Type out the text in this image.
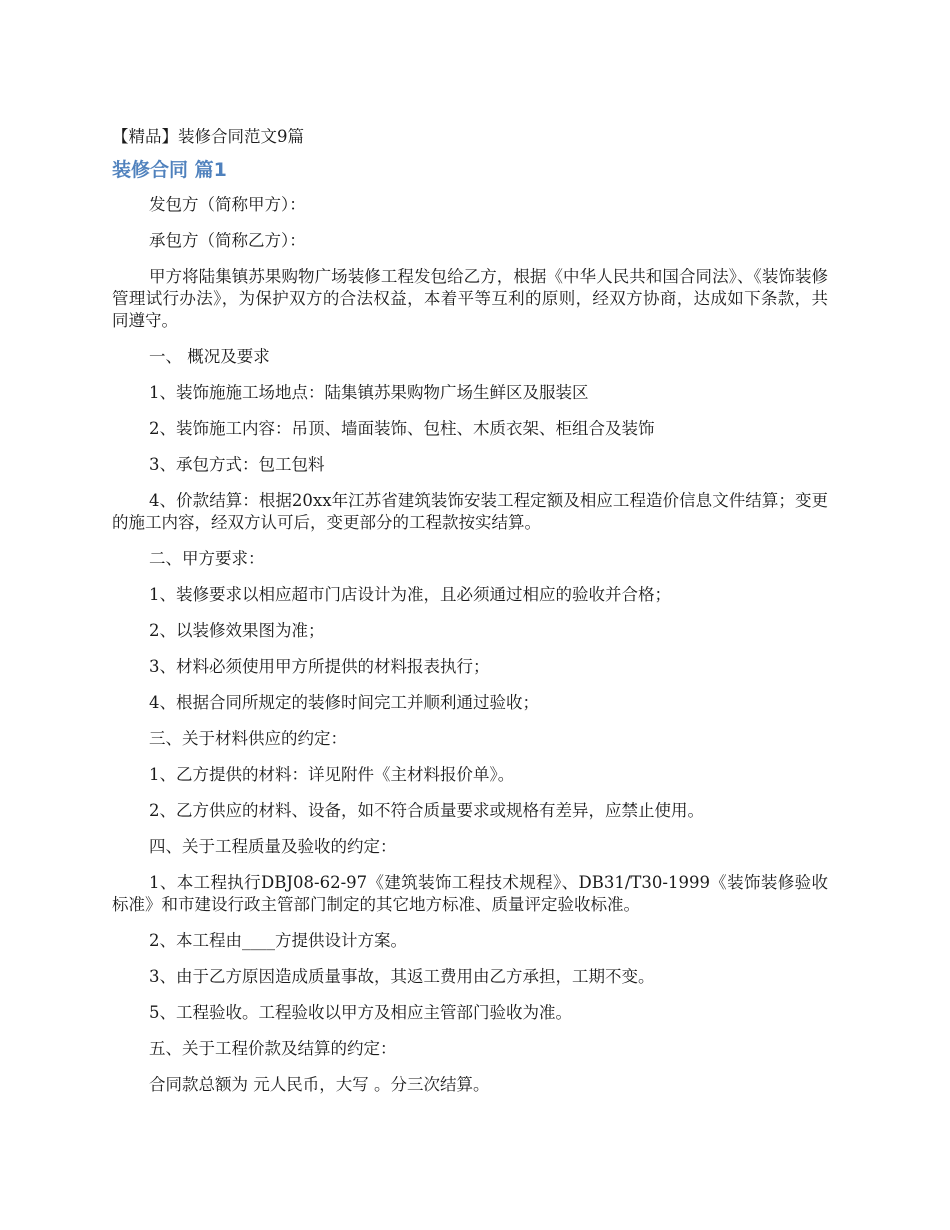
【精品】装修合同范文9篇
装修合同 篇1

发包方（简称甲方）：

承包方（简称乙方）：

甲方将陆集镇苏果购物广场装修工程发包给乙方，根据《中华人民共和国合同法》、《装饰装修管理试行办法》，为保护双方的合法权益，本着平等互利的原则，经双方协商，达成如下条款，共同遵守。

一、 概况及要求

1、装饰施施工场地点：陆集镇苏果购物广场生鲜区及服装区

2、装饰施工内容：吊顶、墙面装饰、包柱、木质衣架、柜组合及装饰

3、承包方式：包工包料

4、价款结算：根据20xx年江苏省建筑装饰安装工程定额及相应工程造价信息文件结算；变更的施工内容，经双方认可后，变更部分的工程款按实结算。

二、甲方要求：

1、装修要求以相应超市门店设计为准，且必须通过相应的验收并合格；

2、以装修效果图为准；

3、材料必须使用甲方所提供的材料报表执行；

4、根据合同所规定的装修时间完工并顺利通过验收；

三、关于材料供应的约定：

1、乙方提供的材料：详见附件《主材料报价单》。

2、乙方供应的材料、设备，如不符合质量要求或规格有差异，应禁止使用。

四、关于工程质量及验收的约定：

1、本工程执行DBJ08-62-97《建筑装饰工程技术规程》、DB31/T30-1999《装饰装修验收标准》和市建设行政主管部门制定的其它地方标准、质量评定验收标准。

2、本工程由____方提供设计方案。

3、由于乙方原因造成质量事故，其返工费用由乙方承担，工期不变。

5、工程验收。工程验收以甲方及相应主管部门验收为准。

五、关于工程价款及结算的约定：

合同款总额为 元人民币，大写 。分三次结算。
